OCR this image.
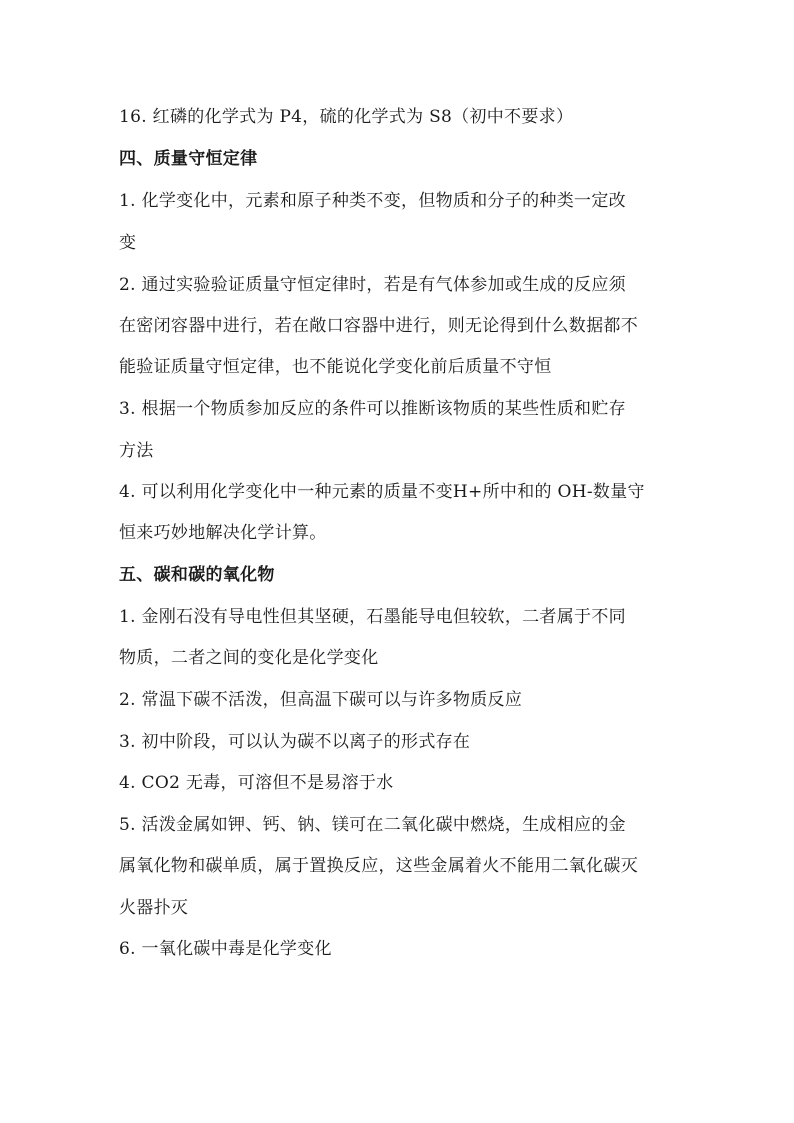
16. 红磷的化学式为 P4，硫的化学式为 S8（初中不要求）
四、质量守恒定律
1. 化学变化中，元素和原子种类不变，但物质和分子的种类一定改
变
2. 通过实验验证质量守恒定律时，若是有气体参加或生成的反应须
在密闭容器中进行，若在敞口容器中进行，则无论得到什么数据都不
能验证质量守恒定律，也不能说化学变化前后质量不守恒
3. 根据一个物质参加反应的条件可以推断该物质的某些性质和贮存
方法
4. 可以利用化学变化中一种元素的质量不变H+所中和的 OH-数量守
恒来巧妙地解决化学计算。
五、碳和碳的氧化物
1. 金刚石没有导电性但其坚硬，石墨能导电但较软，二者属于不同
物质，二者之间的变化是化学变化
2. 常温下碳不活泼，但高温下碳可以与许多物质反应
3. 初中阶段，可以认为碳不以离子的形式存在
4. CO2 无毒，可溶但不是易溶于水
5. 活泼金属如钾、钙、钠、镁可在二氧化碳中燃烧，生成相应的金
属氧化物和碳单质，属于置换反应，这些金属着火不能用二氧化碳灭
火器扑灭
6. 一氧化碳中毒是化学变化
